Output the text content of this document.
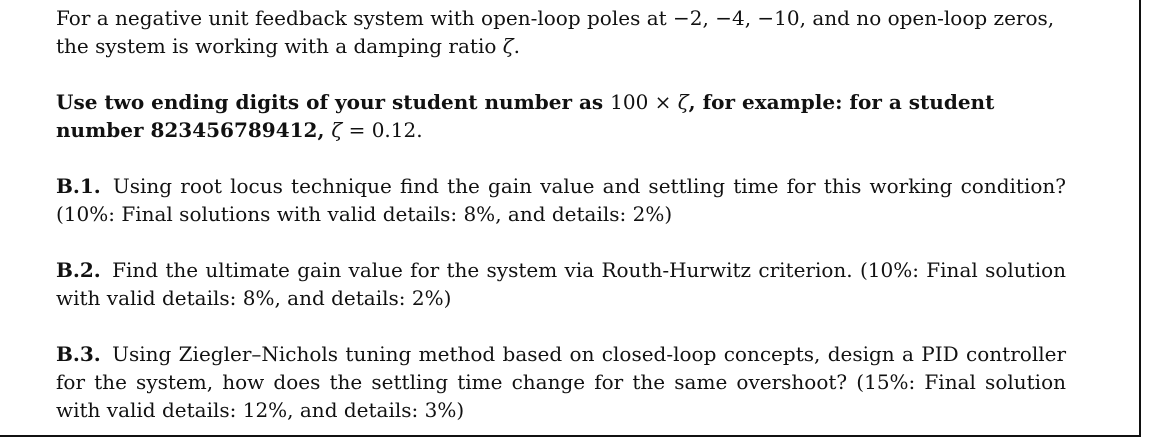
For a negative unit feedback system with open-loop poles at −2, −4, −10, and no open-loop zeros,
the system is working with a damping ratio ζ.

Use two ending digits of your student number as 100 × ζ, for example: for a student
number 823456789412, ζ = 0.12.

B.1. Using root locus technique find the gain value and settling time for this working condition? (10%: Final solutions with valid details: 8%, and details: 2%)

B.2. Find the ultimate gain value for the system via Routh-Hurwitz criterion. (10%: Final solution with valid details: 8%, and details: 2%)

B.3. Using Ziegler–Nichols tuning method based on closed-loop concepts, design a PID controller for the system, how does the settling time change for the same overshoot? (15%: Final solution with valid details: 12%, and details: 3%)
